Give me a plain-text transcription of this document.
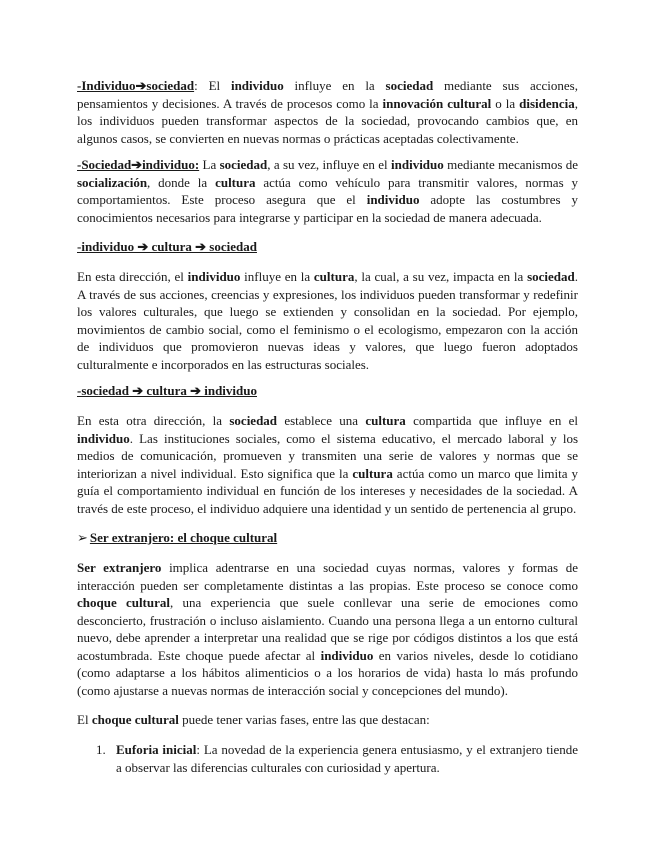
-Individuo➔sociedad: El individuo influye en la sociedad mediante sus acciones, pensamientos y decisiones. A través de procesos como la innovación cultural o la disidencia, los individuos pueden transformar aspectos de la sociedad, provocando cambios que, en algunos casos, se convierten en nuevas normas o prácticas aceptadas colectivamente.

-Sociedad➔individuo: La sociedad, a su vez, influye en el individuo mediante mecanismos de socialización, donde la cultura actúa como vehículo para transmitir valores, normas y comportamientos. Este proceso asegura que el individuo adopte las costumbres y conocimientos necesarios para integrarse y participar en la sociedad de manera adecuada.

-individuo ➔ cultura ➔ sociedad

En esta dirección, el individuo influye en la cultura, la cual, a su vez, impacta en la sociedad. A través de sus acciones, creencias y expresiones, los individuos pueden transformar y redefinir los valores culturales, que luego se extienden y consolidan en la sociedad. Por ejemplo, movimientos de cambio social, como el feminismo o el ecologismo, empezaron con la acción de individuos que promovieron nuevas ideas y valores, que luego fueron adoptados culturalmente e incorporados en las estructuras sociales.

-sociedad ➔ cultura ➔ individuo

En esta otra dirección, la sociedad establece una cultura compartida que influye en el individuo. Las instituciones sociales, como el sistema educativo, el mercado laboral y los medios de comunicación, promueven y transmiten una serie de valores y normas que se interiorizan a nivel individual. Esto significa que la cultura actúa como un marco que limita y guía el comportamiento individual en función de los intereses y necesidades de la sociedad. A través de este proceso, el individuo adquiere una identidad y un sentido de pertenencia al grupo.

➢ Ser extranjero: el choque cultural

Ser extranjero implica adentrarse en una sociedad cuyas normas, valores y formas de interacción pueden ser completamente distintas a las propias. Este proceso se conoce como choque cultural, una experiencia que suele conllevar una serie de emociones como desconcierto, frustración o incluso aislamiento. Cuando una persona llega a un entorno cultural nuevo, debe aprender a interpretar una realidad que se rige por códigos distintos a los que está acostumbrada. Este choque puede afectar al individuo en varios niveles, desde lo cotidiano (como adaptarse a los hábitos alimenticios o a los horarios de vida) hasta lo más profundo (como ajustarse a nuevas normas de interacción social y concepciones del mundo).

El choque cultural puede tener varias fases, entre las que destacan:

1. Euforia inicial: La novedad de la experiencia genera entusiasmo, y el extranjero tiende a observar las diferencias culturales con curiosidad y apertura.
